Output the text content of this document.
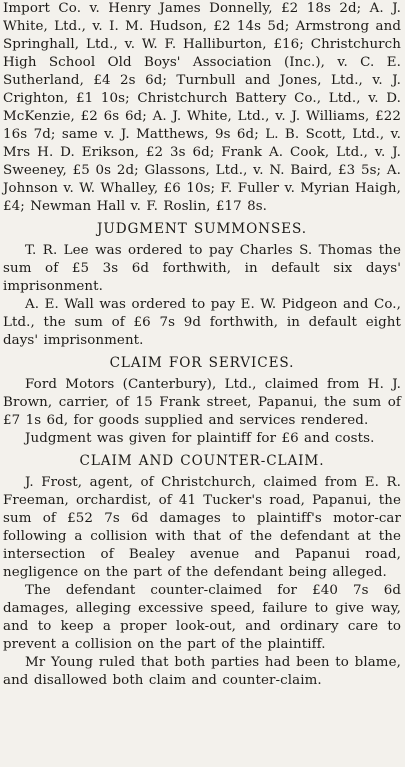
Import Co. v. Henry James Donnelly, £2 18s 2d; A. J. White, Ltd., v. I. M. Hudson, £2 14s 5d; Armstrong and Springhall, Ltd., v. W. F. Halliburton, £16; Christchurch High School Old Boys' Association (Inc.), v. C. E. Sutherland, £4 2s 6d; Turnbull and Jones, Ltd., v. J. Crighton, £1 10s; Christchurch Battery Co., Ltd., v. D. McKenzie, £2 6s 6d; A. J. White, Ltd., v. J. Williams, £22 16s 7d; same v. J. Matthews, 9s 6d; L. B. Scott, Ltd., v. Mrs H. D. Erikson, £2 3s 6d; Frank A. Cook, Ltd., v. J. Sweeney, £5 0s 2d; Glassons, Ltd., v. N. Baird, £3 5s; A. Johnson v. W. Whalley, £6 10s; F. Fuller v. Myrian Haigh, £4; Newman Hall v. F. Roslin, £17 8s.

JUDGMENT SUMMONSES.

T. R. Lee was ordered to pay Charles S. Thomas the sum of £5 3s 6d forthwith, in default six days' imprisonment.

A. E. Wall was ordered to pay E. W. Pidgeon and Co., Ltd., the sum of £6 7s 9d forthwith, in default eight days' imprisonment.

CLAIM FOR SERVICES.

Ford Motors (Canterbury), Ltd., claimed from H. J. Brown, carrier, of 15 Frank street, Papanui, the sum of £7 1s 6d, for goods supplied and services rendered.

Judgment was given for plaintiff for £6 and costs.

CLAIM AND COUNTER-CLAIM.

J. Frost, agent, of Christchurch, claimed from E. R. Freeman, orchardist, of 41 Tucker's road, Papanui, the sum of £52 7s 6d damages to plaintiff's motor-car following a collision with that of the defendant at the intersection of Bealey avenue and Papanui road, negligence on the part of the defendant being alleged.

The defendant counter-claimed for £40 7s 6d damages, alleging excessive speed, failure to give way, and to keep a proper look-out, and ordinary care to prevent a collision on the part of the plaintiff.

Mr Young ruled that both parties had been to blame, and disallowed both claim and counter-claim.
